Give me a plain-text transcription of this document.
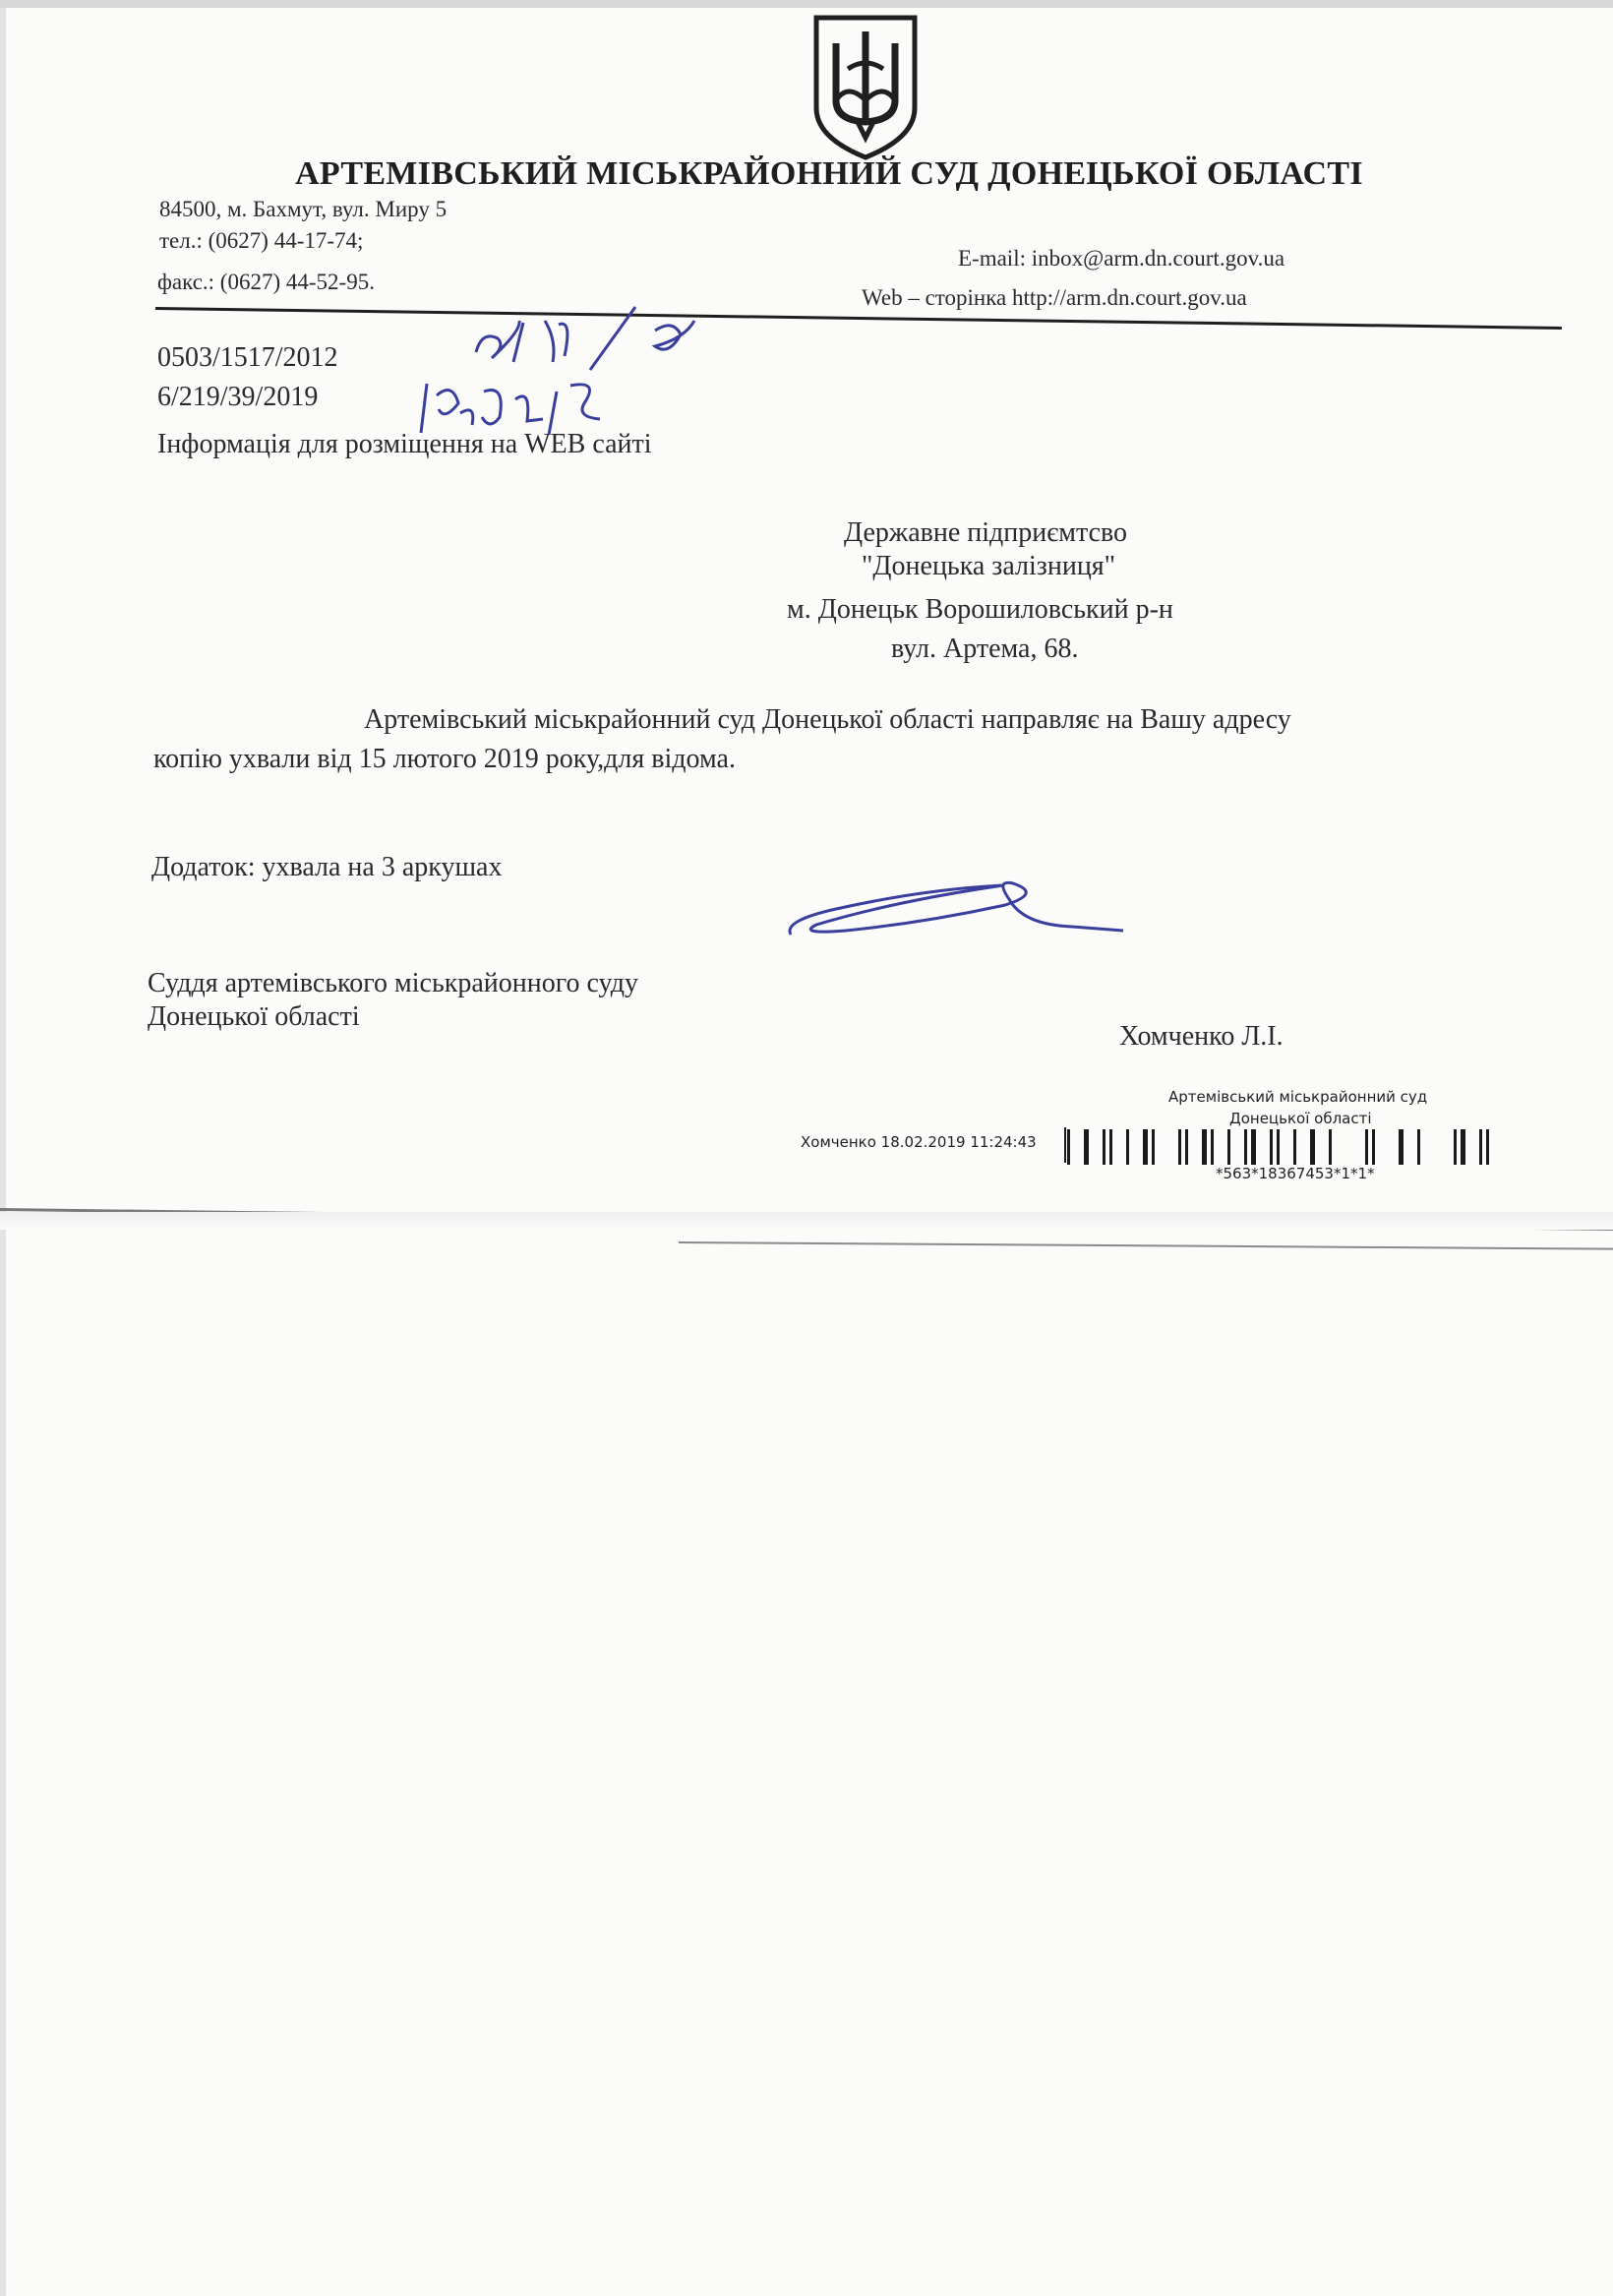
АРТЕМІВСЬКИЙ МІСЬКРАЙОННИЙ СУД ДОНЕЦЬКОЇ ОБЛАСТІ
84500, м. Бахмут, вул. Миру 5
тел.: (0627) 44-17-74;
факс.: (0627) 44-52-95.
E-mail: inbox@arm.dn.court.gov.ua
Web – сторінка http://arm.dn.court.gov.ua
0503/1517/2012
6/219/39/2019
Інформація для розміщення на WEB сайті
Державне підприємтсво
"Донецька залізниця"
м. Донецьк Ворошиловський р-н
вул. Артема, 68.
Артемівський міськрайонний суд Донецької області направляє на Вашу адресу
копію ухвали від 15 лютого 2019 року,для відома.
Додаток: ухвала на 3 аркушах
Суддя артемівського міськрайонного суду
Донецької області
Хомченко Л.І.
Артемівський міськрайонний суд
Донецької області
Хомченко 18.02.2019 11:24:43
*563*18367453*1*1*
